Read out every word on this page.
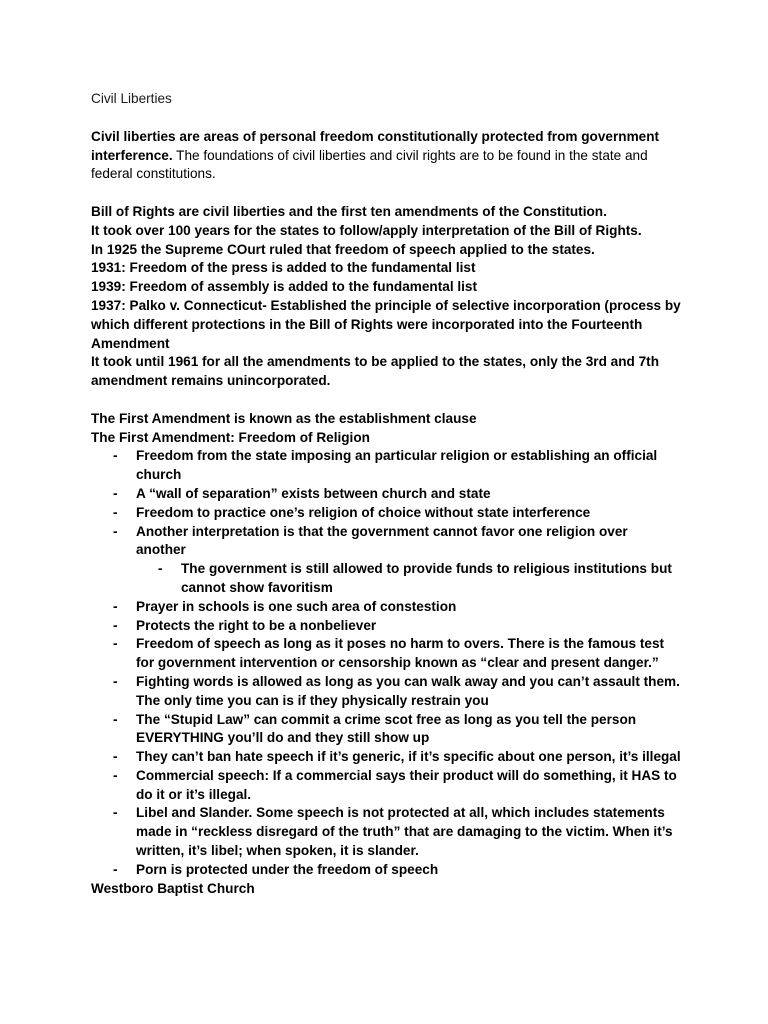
Civil Liberties

Civil liberties are areas of personal freedom constitutionally protected from government interference. The foundations of civil liberties and civil rights are to be found in the state and federal constitutions.

Bill of Rights are civil liberties and the first ten amendments of the Constitution.

It took over 100 years for the states to follow/apply interpretation of the Bill of Rights.

In 1925 the Supreme COurt ruled that freedom of speech applied to the states.

1931: Freedom of the press is added to the fundamental list

1939: Freedom of assembly is added to the fundamental list

1937: Palko v. Connecticut- Established the principle of selective incorporation (process by which different protections in the Bill of Rights were incorporated into the Fourteenth Amendment

It took until 1961 for all the amendments to be applied to the states, only the 3rd and 7th amendment remains unincorporated.

The First Amendment is known as the establishment clause

The First Amendment: Freedom of Religion

- Freedom from the state imposing an particular religion or establishing an official church
- A “wall of separation” exists between church and state
- Freedom to practice one’s religion of choice without state interference
- Another interpretation is that the government cannot favor one religion over another
- The government is still allowed to provide funds to religious institutions but cannot show favoritism
- Prayer in schools is one such area of constestion
- Protects the right to be a nonbeliever
- Freedom of speech as long as it poses no harm to overs. There is the famous test for government intervention or censorship known as “clear and present danger.”
- Fighting words is allowed as long as you can walk away and you can’t assault them. The only time you can is if they physically restrain you
- The “Stupid Law” can commit a crime scot free as long as you tell the person EVERYTHING you’ll do and they still show up
- They can’t ban hate speech if it’s generic, if it’s specific about one person, it’s illegal
- Commercial speech: If a commercial says their product will do something, it HAS to do it or it’s illegal.
- Libel and Slander. Some speech is not protected at all, which includes statements made in “reckless disregard of the truth” that are damaging to the victim. When it’s written, it’s libel; when spoken, it is slander.
- Porn is protected under the freedom of speech

Westboro Baptist Church
